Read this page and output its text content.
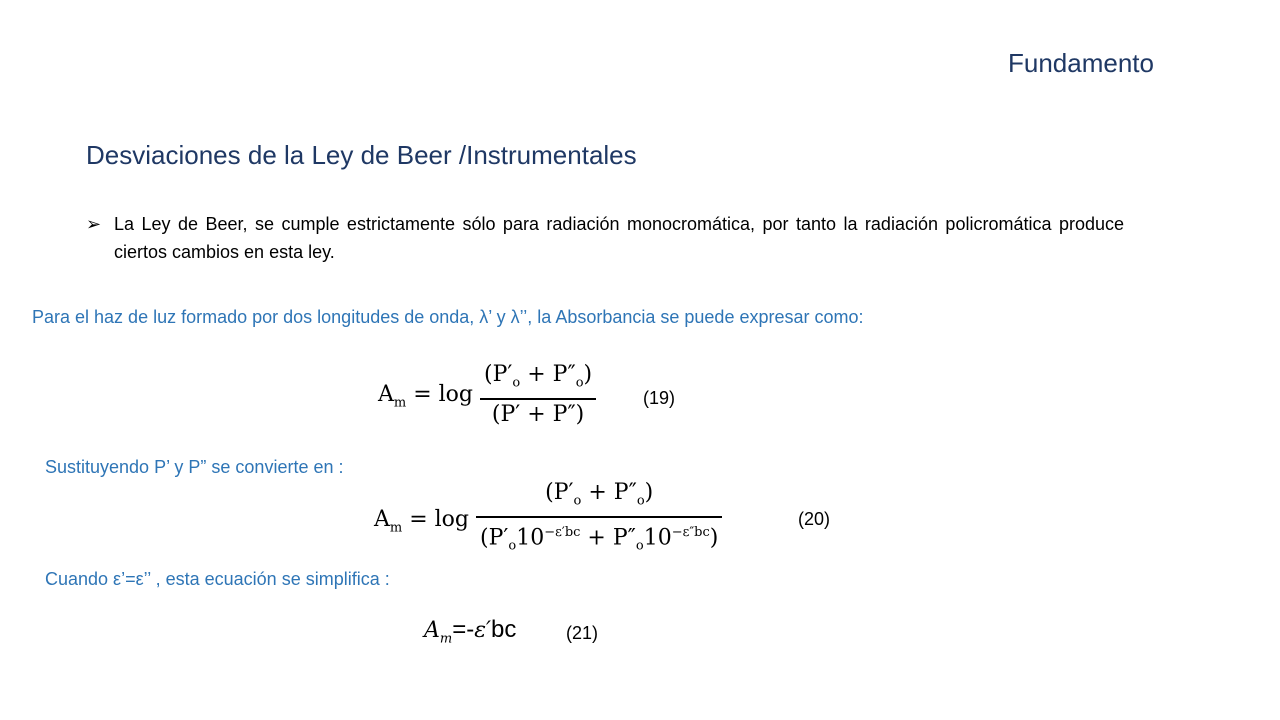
Fundamento
Desviaciones de la Ley de Beer /Instrumentales
➢ La Ley de Beer, se cumple estrictamente sólo para radiación monocromática, por tanto la radiación policromática produce ciertos cambios en esta ley.
Para el haz de luz formado por dos longitudes de onda, λ’ y λ’’, la Absorbancia se puede expresar como:
$A_m = \log \frac{(P'_o + P''_o)}{(P' + P'')}$	(19)
Sustituyendo P’ y P” se convierte en :
$A_m = \log \frac{(P'_o + P''_o)}{(P'_o10^{-\varepsilon'bc} + P''_o10^{-\varepsilon''bc})}$	(20)
Cuando ε’=ε’’ , esta ecuación se simplifica :
$A_m=-\varepsilon'bc$	(21)
